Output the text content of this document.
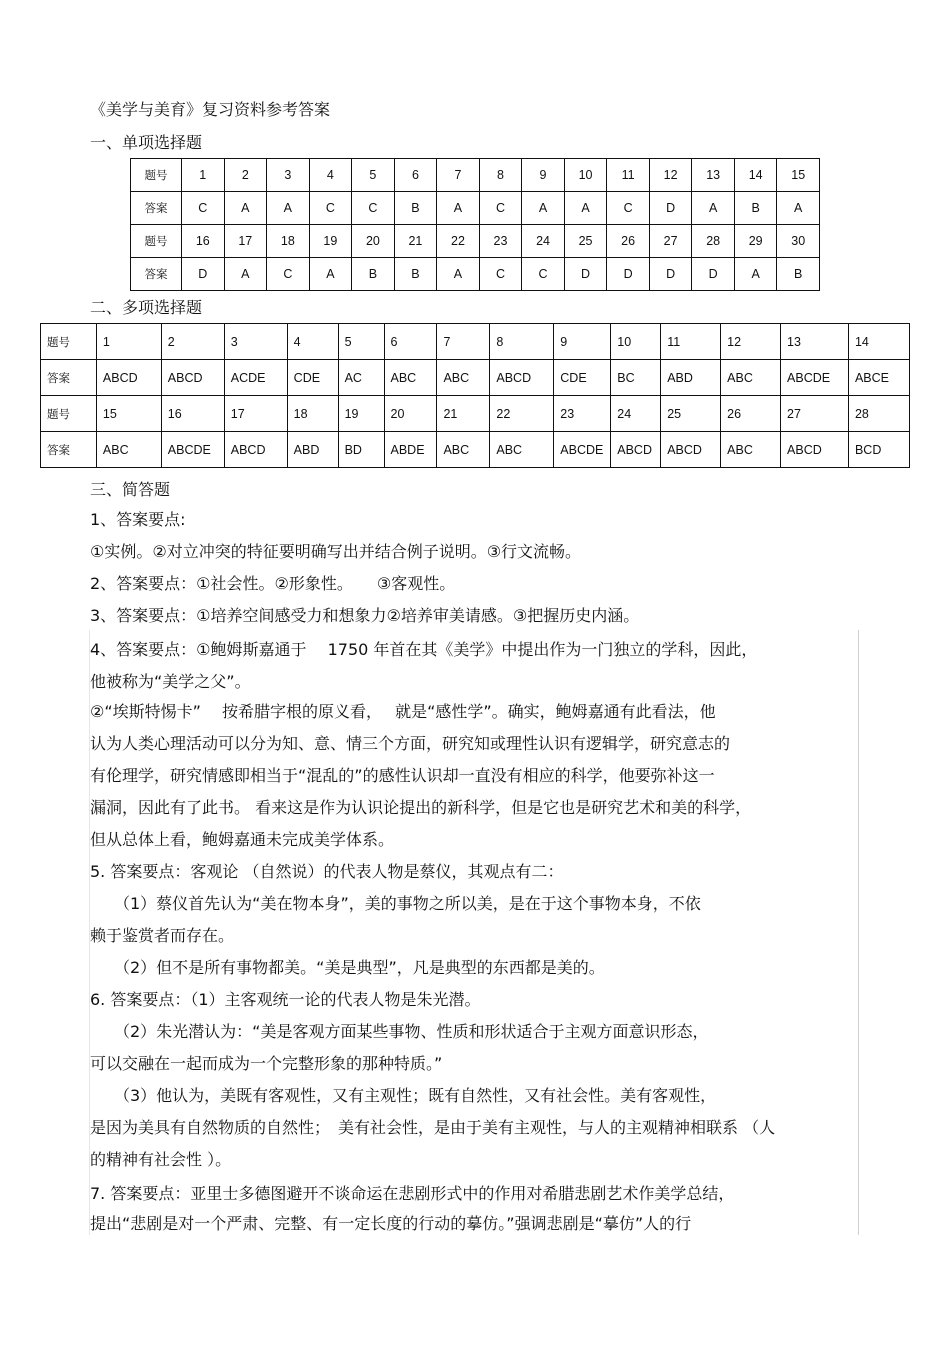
《美学与美育》复习资料参考答案
一、单项选择题
题号	1	2	3	4	5	6	7	8	9	10	11	12	13	14	15
答案	C	A	A	C	C	B	A	C	A	A	C	D	A	B	A
题号	16	17	18	19	20	21	22	23	24	25	26	27	28	29	30
答案	D	A	C	A	B	B	A	C	C	D	D	D	D	A	B
二、多项选择题
题号	1	2	3	4	5	6	7	8	9	10	11	12	13	14
答案	ABCD	ABCD	ACDE	CDE	AC	ABC	ABC	ABCD	CDE	BC	ABD	ABC	ABCDE	ABCE
题号	15	16	17	18	19	20	21	22	23	24	25	26	27	28
答案	ABC	ABCDE	ABCD	ABD	BD	ABDE	ABC	ABC	ABCDE	ABCD	ABCD	ABC	ABCD	BCD
三、简答题
1、答案要点:
①实例。②对立冲突的特征要明确写出并结合例子说明。③行文流畅。
2、答案要点：①社会性。②形象性。　　③客观性。
3、答案要点：①培养空间感受力和想象力②培养审美请感。③把握历史内涵。
4、答案要点：①鲍姆斯嘉通于　 1750 年首在其《美学》中提出作为一门独立的学科，因此，
他被称为“美学之父”。
②“埃斯特惕卡”　 按希腊字根的原义看，　 就是“感性学”。确实，鲍姆嘉通有此看法，他
认为人类心理活动可以分为知、意、情三个方面，研究知或理性认识有逻辑学，研究意志的
有伦理学，研究情感即相当于“混乱的”的感性认识却一直没有相应的科学，他要弥补这一
漏洞，因此有了此书。 看来这是作为认识论提出的新科学，但是它也是研究艺术和美的科学，
但从总体上看，鲍姆嘉通未完成美学体系。
5. 答案要点：客观论 （自然说）的代表人物是蔡仪，其观点有二：
　　（1）蔡仪首先认为“美在物本身”，美的事物之所以美，是在于这个事物本身，不依
赖于鉴赏者而存在。
　　（2）但不是所有事物都美。“美是典型”，凡是典型的东西都是美的。
6. 答案要点：（1）主客观统一论的代表人物是朱光潜。
　　（2）朱光潜认为：“美是客观方面某些事物、性质和形状适合于主观方面意识形态，
可以交融在一起而成为一个完整形象的那种特质。”
　　（3）他认为，美既有客观性，又有主观性；既有自然性，又有社会性。美有客观性，
是因为美具有自然物质的自然性；　美有社会性，是由于美有主观性，与人的主观精神相联系 （人
的精神有社会性 ）。
7. 答案要点：亚里士多德图避开不谈命运在悲剧形式中的作用对希腊悲剧艺术作美学总结，
提出“悲剧是对一个严肃、完整、有一定长度的行动的摹仿。”强调悲剧是“摹仿”人的行
